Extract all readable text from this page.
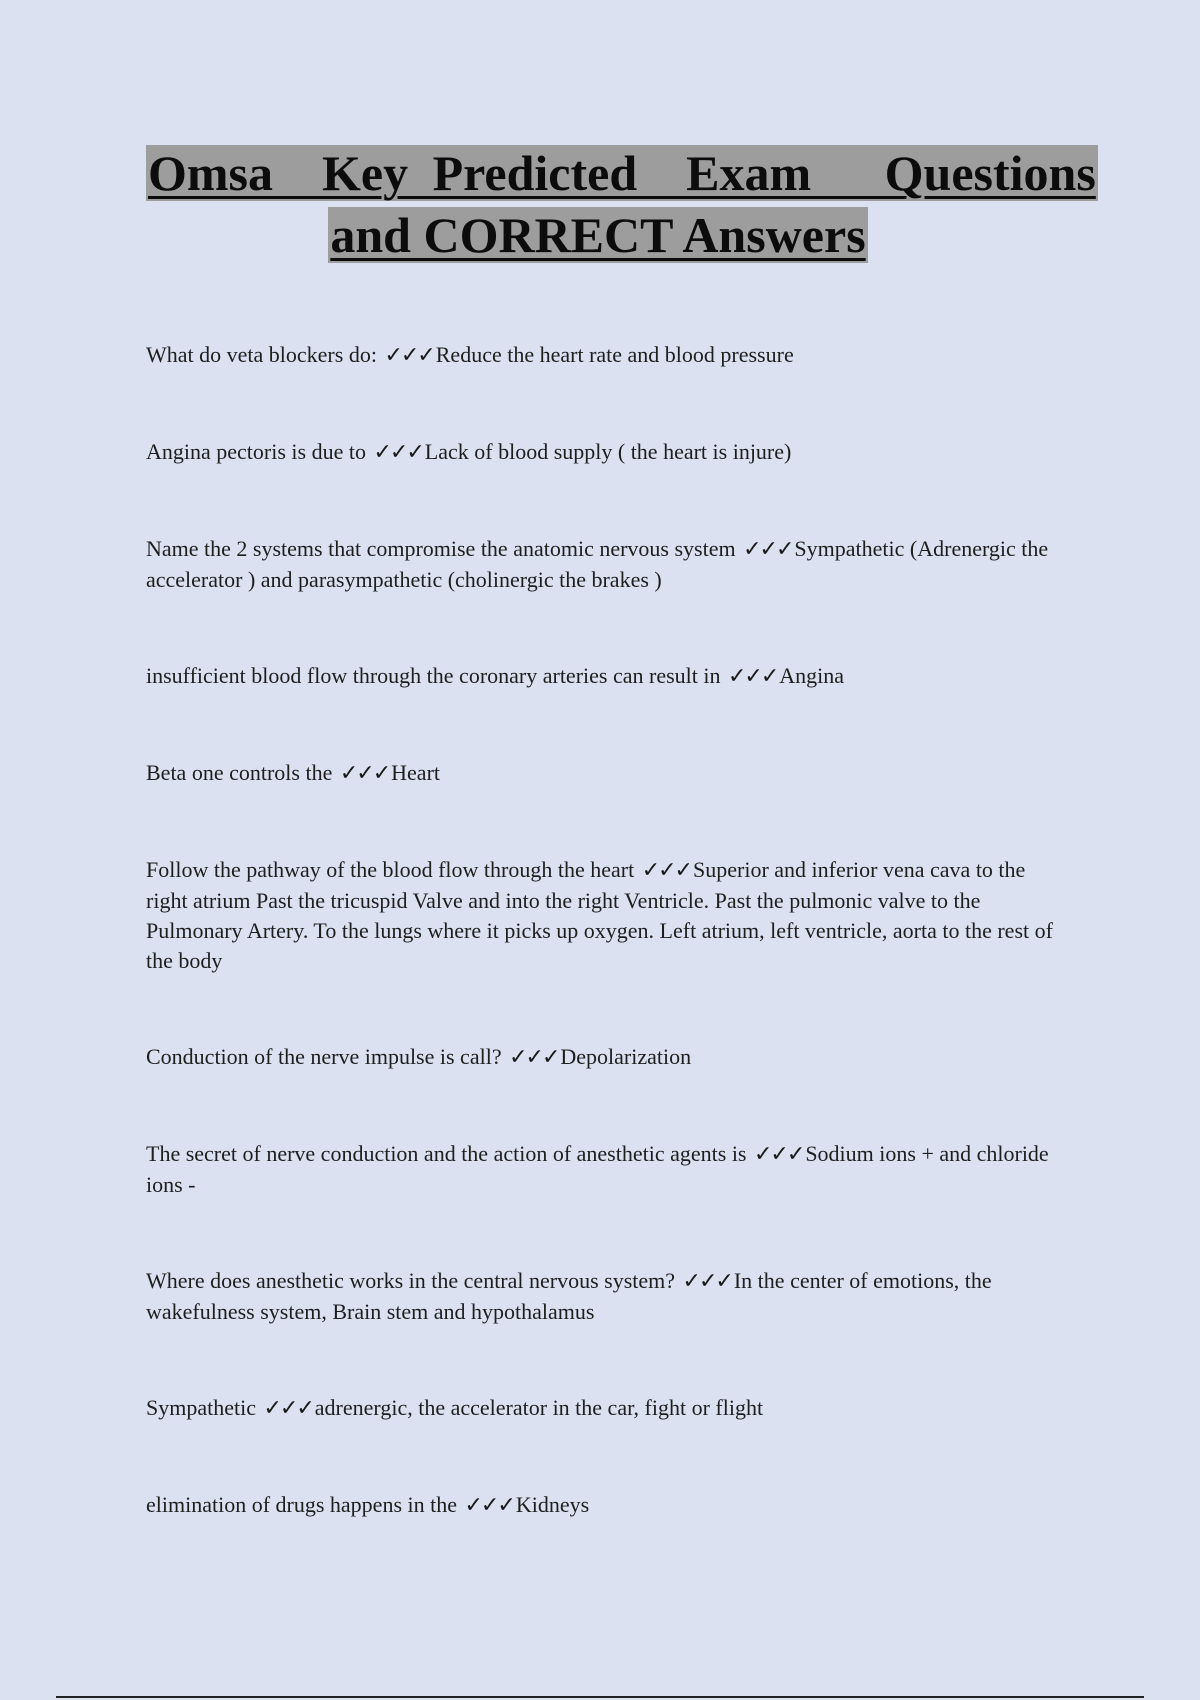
Omsa  Key Predicted  Exam   Questions
and CORRECT Answers
What do veta blockers do: ✓✓✓Reduce the heart rate and blood pressure
Angina pectoris is due to ✓✓✓Lack of blood supply ( the heart is injure)
Name the 2 systems that compromise the anatomic nervous system ✓✓✓Sympathetic (Adrenergic the accelerator ) and parasympathetic (cholinergic the brakes )
insufficient blood flow through the coronary arteries can result in ✓✓✓Angina
Beta one controls the ✓✓✓Heart
Follow the pathway of the blood flow through the heart ✓✓✓Superior and inferior vena cava to the right atrium Past the tricuspid Valve and into the right Ventricle. Past the pulmonic valve to the Pulmonary Artery. To the lungs where it picks up oxygen. Left atrium, left ventricle, aorta to the rest of the body
Conduction of the nerve impulse is call? ✓✓✓Depolarization
The secret of nerve conduction and the action of anesthetic agents is ✓✓✓Sodium ions + and chloride ions -
Where does anesthetic works in the central nervous system? ✓✓✓In the center of emotions, the wakefulness system, Brain stem and hypothalamus
Sympathetic ✓✓✓adrenergic, the accelerator in the car, fight or flight
elimination of drugs happens in the ✓✓✓Kidneys
